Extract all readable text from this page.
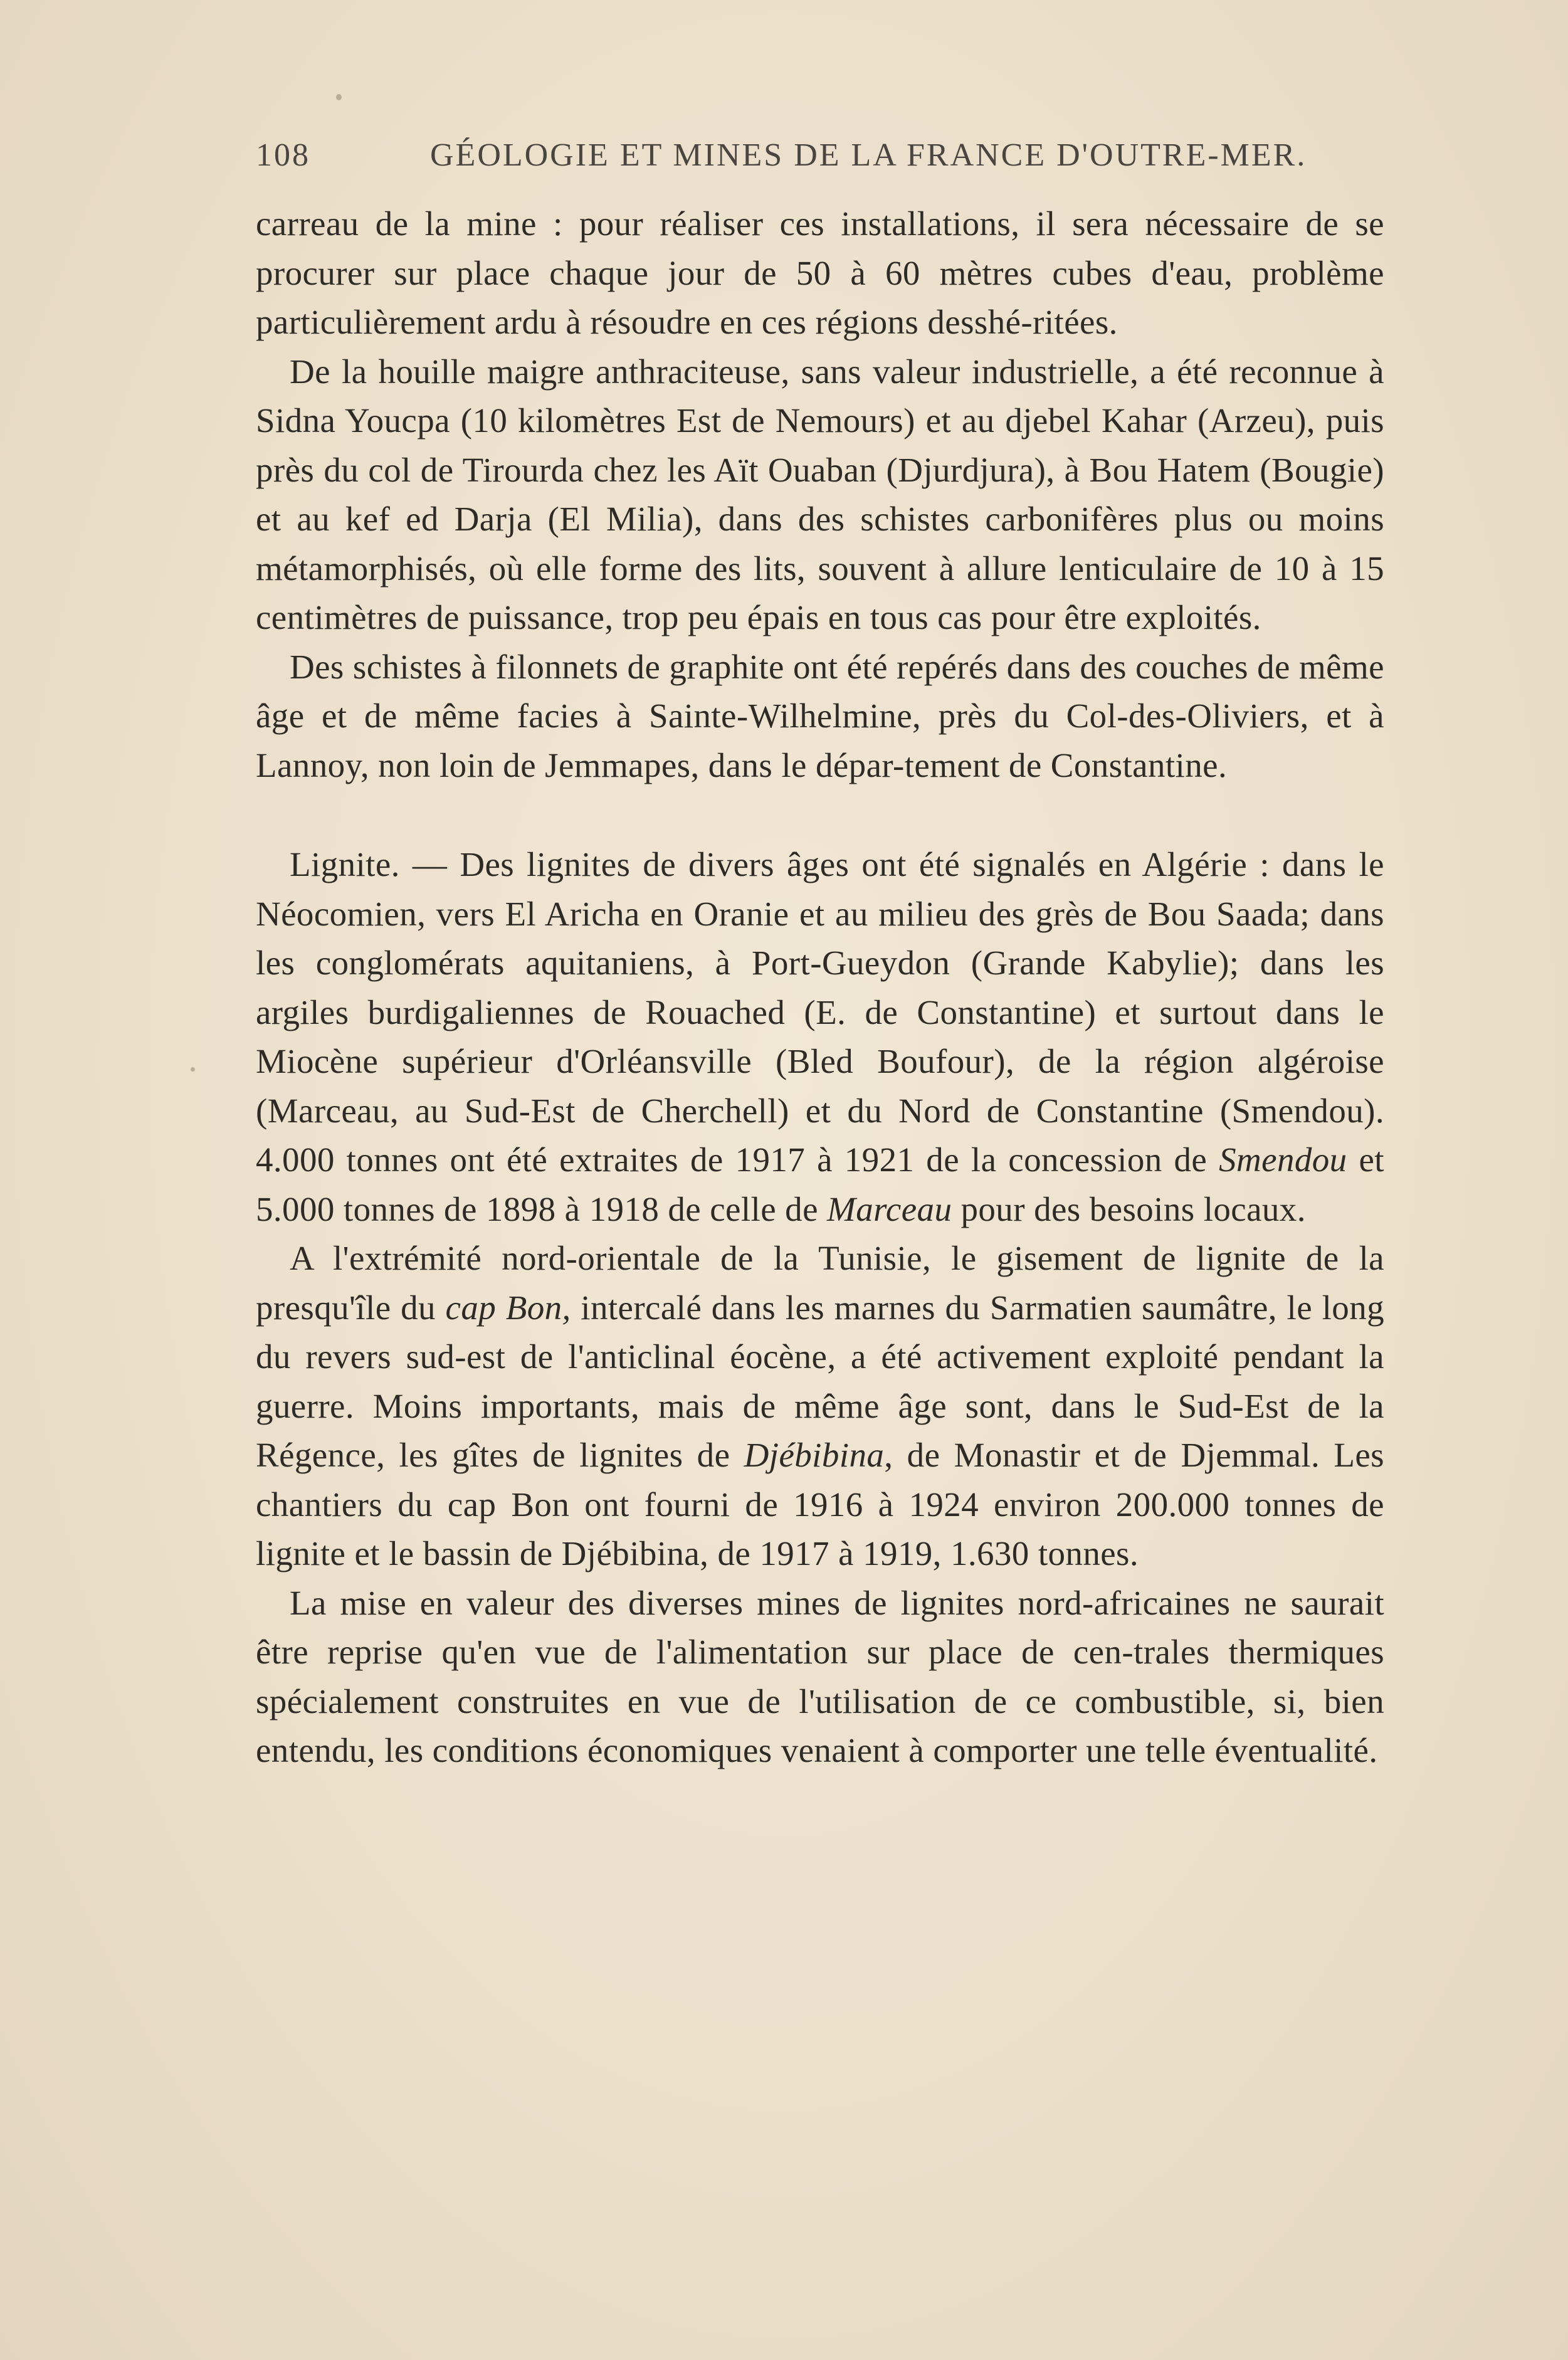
108	GÉOLOGIE ET MINES DE LA FRANCE D'OUTRE-MER.

carreau de la mine : pour réaliser ces installations, il sera nécessaire de se procurer sur place chaque jour de 50 à 60 mètres cubes d'eau, problème particulièrement ardu à résoudre en ces régions desshé-ritées.

De la houille maigre anthraciteuse, sans valeur industrielle, a été reconnue à Sidna Youcpa (10 kilomètres Est de Nemours) et au djebel Kahar (Arzeu), puis près du col de Tirourda chez les Aït Ouaban (Djurdjura), à Bou Hatem (Bougie) et au kef ed Darja (El Milia), dans des schistes carbonifères plus ou moins métamorphisés, où elle forme des lits, souvent à allure lenticulaire de 10 à 15 centimètres de puissance, trop peu épais en tous cas pour être exploités.

Des schistes à filonnets de graphite ont été repérés dans des couches de même âge et de même facies à Sainte-Wilhelmine, près du Col-des-Oliviers, et à Lannoy, non loin de Jemmapes, dans le dépar-tement de Constantine.

Lignite. — Des lignites de divers âges ont été signalés en Algérie : dans le Néocomien, vers El Aricha en Oranie et au milieu des grès de Bou Saada; dans les conglomérats aquitaniens, à Port-Gueydon (Grande Kabylie); dans les argiles burdigaliennes de Rouached (E. de Constantine) et surtout dans le Miocène supérieur d'Orléansville (Bled Boufour), de la région algéroise (Marceau, au Sud-Est de Cherchell) et du Nord de Constantine (Smendou). 4.000 tonnes ont été extraites de 1917 à 1921 de la concession de Smendou et 5.000 tonnes de 1898 à 1918 de celle de Marceau pour des besoins locaux.

A l'extrémité nord-orientale de la Tunisie, le gisement de lignite de la presqu'île du cap Bon, intercalé dans les marnes du Sarmatien saumâtre, le long du revers sud-est de l'anticlinal éocène, a été activement exploité pendant la guerre. Moins importants, mais de même âge sont, dans le Sud-Est de la Régence, les gîtes de lignites de Djébibina, de Monastir et de Djemmal. Les chantiers du cap Bon ont fourni de 1916 à 1924 environ 200.000 tonnes de lignite et le bassin de Djébibina, de 1917 à 1919, 1.630 tonnes.

La mise en valeur des diverses mines de lignites nord-africaines ne saurait être reprise qu'en vue de l'alimentation sur place de cen-trales thermiques spécialement construites en vue de l'utilisation de ce combustible, si, bien entendu, les conditions économiques venaient à comporter une telle éventualité.
